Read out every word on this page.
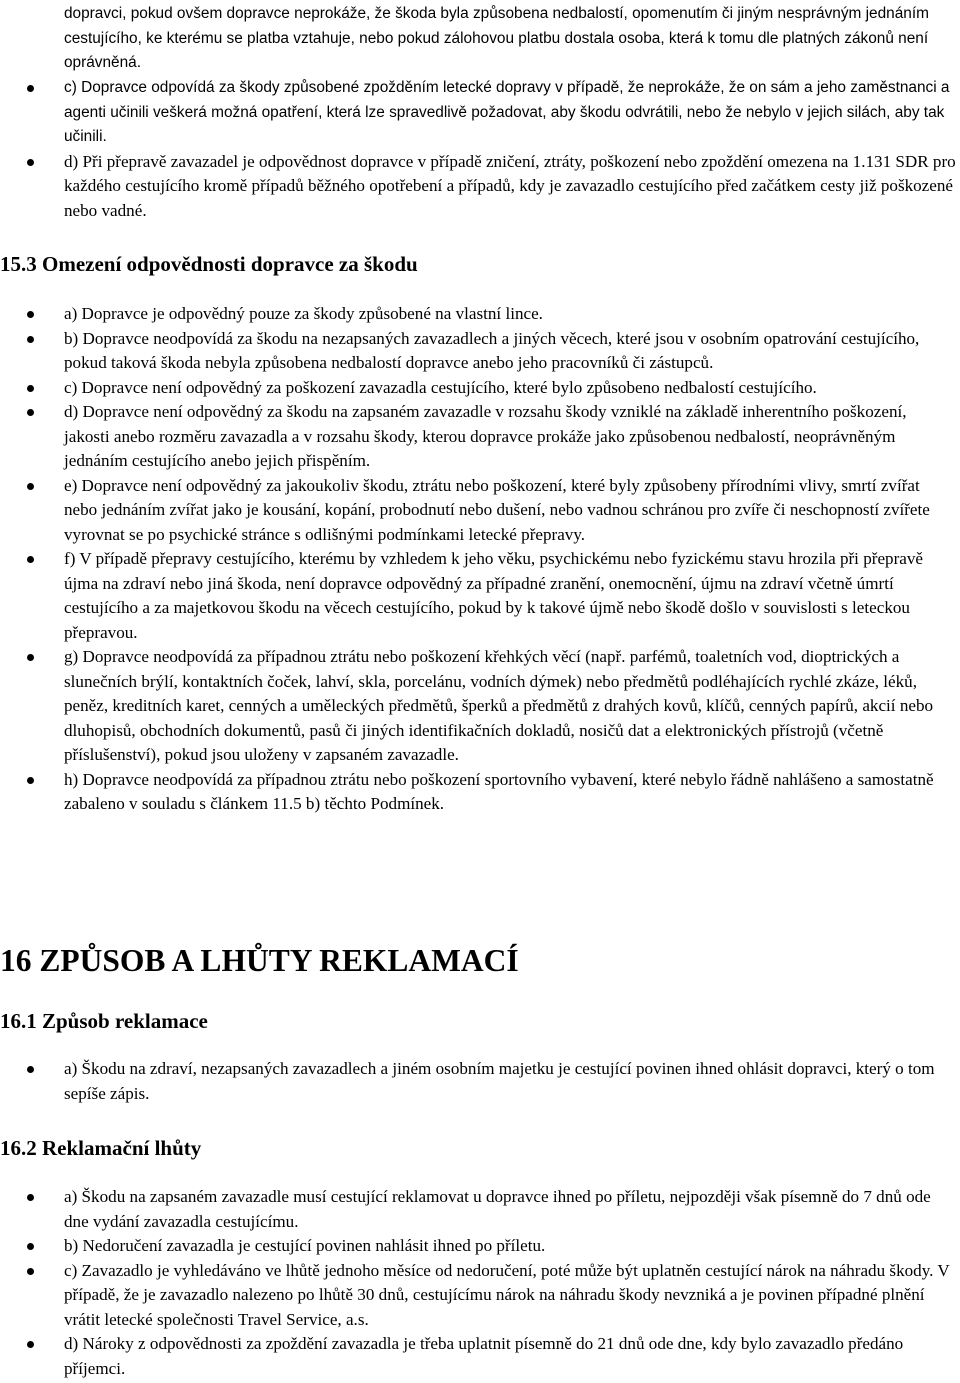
dopravci, pokud ovšem dopravce neprokáže, že škoda byla způsobena nedbalostí, opomenutím či jiným nesprávným jednáním cestujícího, ke kterému se platba vztahuje, nebo pokud zálohovou platbu dostala osoba, která k tomu dle platných zákonů není oprávněná.

c) Dopravce odpovídá za škody způsobené zpožděním letecké dopravy v případě, že neprokáže, že on sám a jeho zaměstnanci a agenti učinili veškerá možná opatření, která lze spravedlivě požadovat, aby škodu odvrátili, nebo že nebylo v jejich silách, aby tak učinili.
d) Při přepravě zavazadel je odpovědnost dopravce v případě zničení, ztráty, poškození nebo zpoždění omezena na 1.131 SDR pro každého cestujícího kromě případů běžného opotřebení a případů, kdy je zavazadlo cestujícího před začátkem cesty již poškozené nebo vadné.
15.3 Omezení odpovědnosti dopravce za škodu
a) Dopravce je odpovědný pouze za škody způsobené na vlastní lince.
b) Dopravce neodpovídá za škodu na nezapsaných zavazadlech a jiných věcech, které jsou v osobním opatrování cestujícího, pokud taková škoda nebyla způsobena nedbalostí dopravce anebo jeho pracovníků či zástupců.
c) Dopravce není odpovědný za poškození zavazadla cestujícího, které bylo způsobeno nedbalostí cestujícího.
d) Dopravce není odpovědný za škodu na zapsaném zavazadle v rozsahu škody vzniklé na základě inherentního poškození, jakosti anebo rozměru zavazadla a v rozsahu škody, kterou dopravce prokáže jako způsobenou nedbalostí, neoprávněným jednáním cestujícího anebo jejich přispěním.
e) Dopravce není odpovědný za jakoukoliv škodu, ztrátu nebo poškození, které byly způsobeny přírodními vlivy, smrtí zvířat nebo jednáním zvířat jako je kousání, kopání, probodnutí nebo dušení, nebo vadnou schránou pro zvíře či neschopností zvířete vyrovnat se po psychické stránce s odlišnými podmínkami letecké přepravy.
f) V případě přepravy cestujícího, kterému by vzhledem k jeho věku, psychickému nebo fyzickému stavu hrozila při přepravě újma na zdraví nebo jiná škoda, není dopravce odpovědný za případné zranění, onemocnění, újmu na zdraví včetně úmrtí cestujícího a za majetkovou škodu na věcech cestujícího, pokud by k takové újmě nebo škodě došlo v souvislosti s leteckou přepravou.
g) Dopravce neodpovídá za případnou ztrátu nebo poškození křehkých věcí (např. parfémů, toaletních vod, dioptrických a slunečních brýlí, kontaktních čoček, lahví, skla, porcelánu, vodních dýmek) nebo předmětů podléhajících rychlé zkáze, léků, peněz, kreditních karet, cenných a uměleckých předmětů, šperků a předmětů z drahých kovů, klíčů, cenných papírů, akcií nebo dluhopisů, obchodních dokumentů, pasů či jiných identifikačních dokladů, nosičů dat a elektronických přístrojů (včetně příslušenství), pokud jsou uloženy v zapsaném zavazadle.
h) Dopravce neodpovídá za případnou ztrátu nebo poškození sportovního vybavení, které nebylo řádně nahlášeno a samostatně zabaleno v souladu s článkem 11.5 b) těchto Podmínek.
16 ZPŮSOB A LHŮTY REKLAMACÍ
16.1 Způsob reklamace
a) Škodu na zdraví, nezapsaných zavazadlech a jiném osobním majetku je cestující povinen ihned ohlásit dopravci, který o tom sepíše zápis.
16.2 Reklamační lhůty
a) Škodu na zapsaném zavazadle musí cestující reklamovat u dopravce ihned po příletu, nejpozději však písemně do 7 dnů ode dne vydání zavazadla cestujícímu.
b) Nedoručení zavazadla je cestující povinen nahlásit ihned po příletu.
c) Zavazadlo je vyhledáváno ve lhůtě jednoho měsíce od nedoručení, poté může být uplatněn cestující nárok na náhradu škody. V případě, že je zavazadlo nalezeno po lhůtě 30 dnů, cestujícímu nárok na náhradu škody nevzniká a je povinen případné plnění vrátit letecké společnosti Travel Service, a.s.
d) Nároky z odpovědnosti za zpoždění zavazadla je třeba uplatnit písemně do 21 dnů ode dne, kdy bylo zavazadlo předáno příjemci.
